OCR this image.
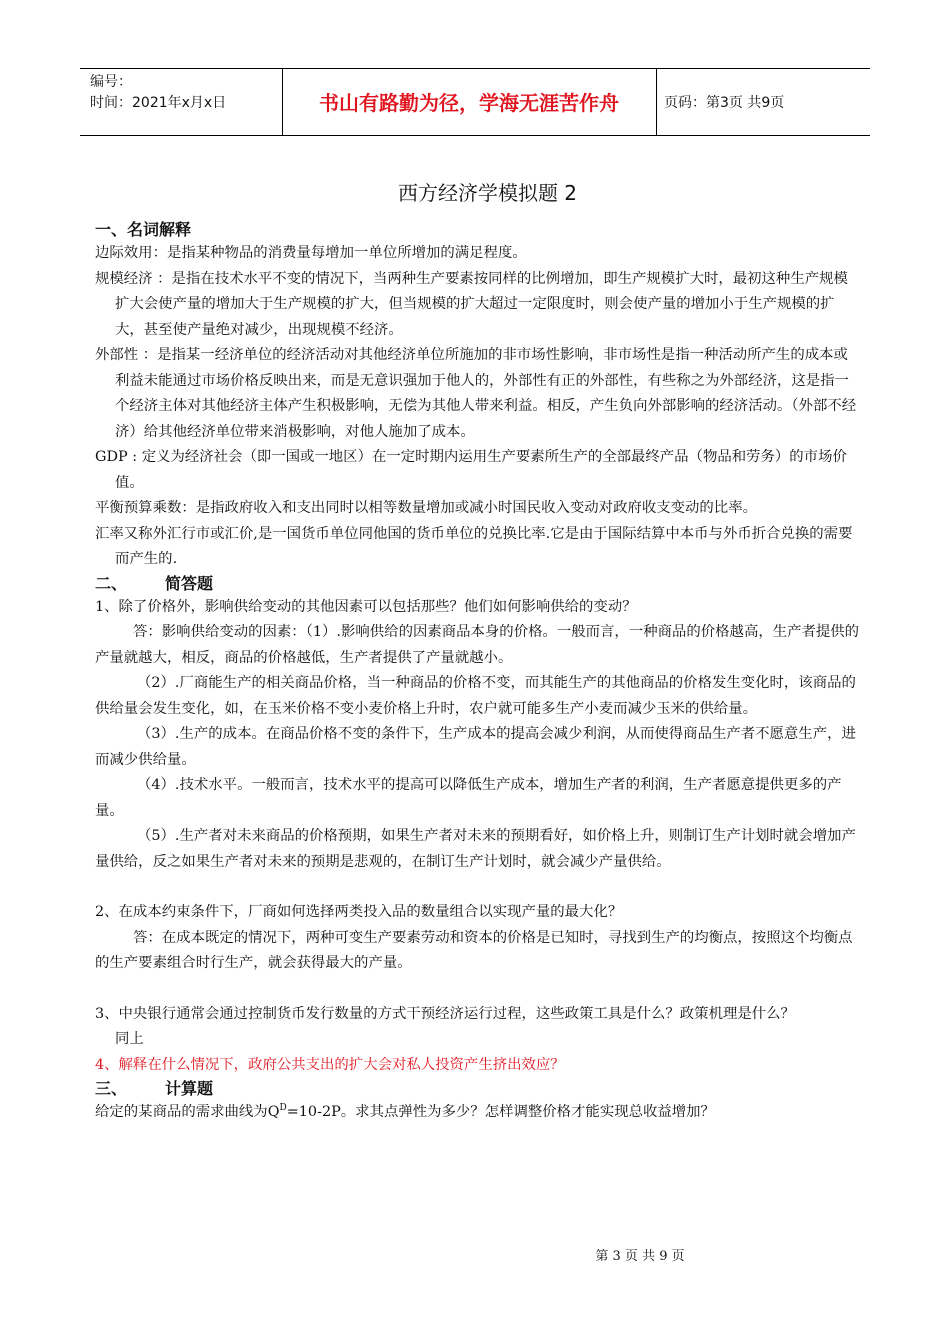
编号：
时间：2021年x月x日	书山有路勤为径，学海无涯苦作舟	页码：第3页 共9页
西方经济学模拟题 2
一、名词解释

边际效用：是指某种物品的消费量每增加一单位所增加的满足程度。

规模经济 ：是指在技术水平不变的情况下，当两种生产要素按同样的比例增加，即生产规模扩大时，最初这种生产规模扩大会使产量的增加大于生产规模的扩大，但当规模的扩大超过一定限度时，则会使产量的增加小于生产规模的扩大，甚至使产量绝对减少，出现规模不经济。

外部性 ：是指某一经济单位的经济活动对其他经济单位所施加的非市场性影响，非市场性是指一种活动所产生的成本或利益未能通过市场价格反映出来，而是无意识强加于他人的，外部性有正的外部性，有些称之为外部经济，这是指一个经济主体对其他经济主体产生积极影响，无偿为其他人带来利益。相反，产生负向外部影响的经济活动。（外部不经济）给其他经济单位带来消极影响，对他人施加了成本。

GDP : 定义为经济社会（即一国或一地区）在一定时期内运用生产要素所生产的全部最终产品（物品和劳务）的市场价值。

平衡预算乘数：是指政府收入和支出同时以相等数量增加或减小时国民收入变动对政府收支变动的比率。

汇率又称外汇行市或汇价,是一国货币单位同他国的货币单位的兑换比率.它是由于国际结算中本币与外币折合兑换的需要而产生的.

二、 简答题

1、除了价格外，影响供给变动的其他因素可以包括那些？他们如何影响供给的变动？

答：影响供给变动的因素：（1）.影响供给的因素商品本身的价格。一般而言，一种商品的价格越高，生产者提供的产量就越大，相反，商品的价格越低，生产者提供了产量就越小。

（2）.厂商能生产的相关商品价格，当一种商品的价格不变，而其能生产的其他商品的价格发生变化时，该商品的供给量会发生变化，如，在玉米价格不变小麦价格上升时，农户就可能多生产小麦而减少玉米的供给量。

（3）.生产的成本。在商品价格不变的条件下，生产成本的提高会减少利润，从而使得商品生产者不愿意生产，进而减少供给量。

（4）.技术水平。一般而言，技术水平的提高可以降低生产成本，增加生产者的利润，生产者愿意提供更多的产量。

（5）.生产者对未来商品的价格预期，如果生产者对未来的预期看好，如价格上升，则制订生产计划时就会增加产量供给，反之如果生产者对未来的预期是悲观的，在制订生产计划时，就会减少产量供给。

2、在成本约束条件下，厂商如何选择两类投入品的数量组合以实现产量的最大化？

答：在成本既定的情况下，两种可变生产要素劳动和资本的价格是已知时，寻找到生产的均衡点，按照这个均衡点的生产要素组合时行生产，就会获得最大的产量。

3、中央银行通常会通过控制货币发行数量的方式干预经济运行过程，这些政策工具是什么？政策机理是什么？

同上

4、解释在什么情况下，政府公共支出的扩大会对私人投资产生挤出效应？

三、 计算题

给定的某商品的需求曲线为$Q^D=10-2P$。求其点弹性为多少？怎样调整价格才能实现总收益增加？

第 3 页 共 9 页
